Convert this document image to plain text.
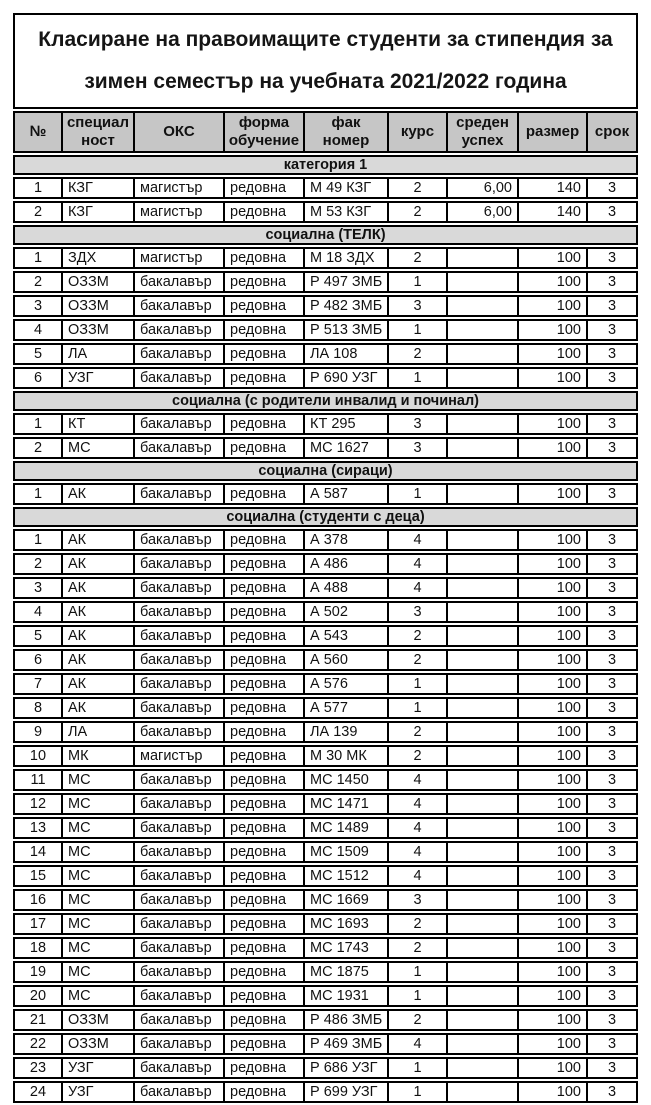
Класиране на правоимащите студенти за стипендия за
зимен семестър на учебната 2021/2022 година
№	специал ност	ОКС	форма обучение	фак номер	курс	среден успех	размер	срок
категория 1								
1	КЗГ	магистър	редовна	М 49 КЗГ	2	6,00	140	3
2	КЗГ	магистър	редовна	М 53 КЗГ	2	6,00	140	3
социална (ТЕЛК)								
1	ЗДХ	магистър	редовна	М 18 ЗДХ	2		100	3
2	ОЗЗМ	бакалавър	редовна	Р 497 ЗМБ	1		100	3
3	ОЗЗМ	бакалавър	редовна	Р 482 ЗМБ	3		100	3
4	ОЗЗМ	бакалавър	редовна	Р 513 ЗМБ	1		100	3
5	ЛА	бакалавър	редовна	ЛА 108	2		100	3
6	УЗГ	бакалавър	редовна	Р 690 УЗГ	1		100	3
социална (с родители инвалид и починал)								
1	КТ	бакалавър	редовна	КТ 295	3		100	3
2	МС	бакалавър	редовна	МС 1627	3		100	3
социална (сираци)								
1	АК	бакалавър	редовна	А 587	1		100	3
социална (студенти с деца)								
1	АК	бакалавър	редовна	А 378	4		100	3
2	АК	бакалавър	редовна	А 486	4		100	3
3	АК	бакалавър	редовна	А 488	4		100	3
4	АК	бакалавър	редовна	А 502	3		100	3
5	АК	бакалавър	редовна	А 543	2		100	3
6	АК	бакалавър	редовна	А 560	2		100	3
7	АК	бакалавър	редовна	А 576	1		100	3
8	АК	бакалавър	редовна	А 577	1		100	3
9	ЛА	бакалавър	редовна	ЛА 139	2		100	3
10	МК	магистър	редовна	М 30 МК	2		100	3
11	МС	бакалавър	редовна	МС 1450	4		100	3
12	МС	бакалавър	редовна	МС 1471	4		100	3
13	МС	бакалавър	редовна	МС 1489	4		100	3
14	МС	бакалавър	редовна	МС 1509	4		100	3
15	МС	бакалавър	редовна	МС 1512	4		100	3
16	МС	бакалавър	редовна	МС 1669	3		100	3
17	МС	бакалавър	редовна	МС 1693	2		100	3
18	МС	бакалавър	редовна	МС 1743	2		100	3
19	МС	бакалавър	редовна	МС 1875	1		100	3
20	МС	бакалавър	редовна	МС 1931	1		100	3
21	ОЗЗМ	бакалавър	редовна	Р 486 ЗМБ	2		100	3
22	ОЗЗМ	бакалавър	редовна	Р 469 ЗМБ	4		100	3
23	УЗГ	бакалавър	редовна	Р 686 УЗГ	1		100	3
24	УЗГ	бакалавър	редовна	Р 699 УЗГ	1		100	3
